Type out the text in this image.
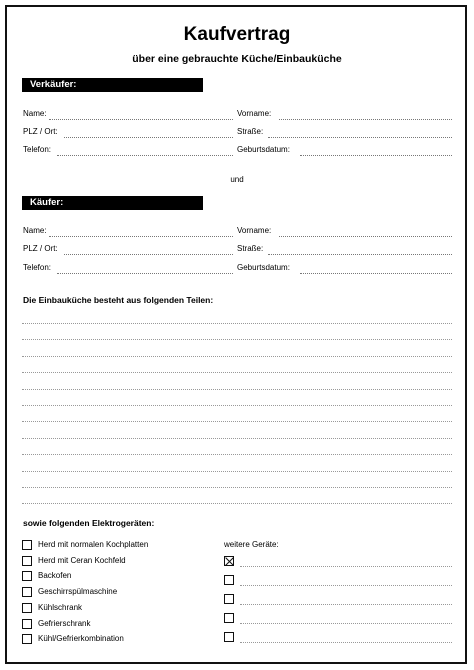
Kaufvertrag
über eine gebrauchte Küche/Einbauküche
Verkäufer:
Name:	Vorname:
PLZ / Ort:	Straße:
Telefon:	Geburtsdatum:
und
Käufer:
Name:	Vorname:
PLZ / Ort:	Straße:
Telefon:	Geburtsdatum:
Die Einbauküche besteht aus folgenden Teilen:
sowie folgenden Elektrogeräten:
Herd mit normalen Kochplatten
Herd mit Ceran Kochfeld
Backofen
Geschirrspülmaschine
Kühlschrank
Gefrierschrank
Kühl/Gefrierkombination
weitere Geräte:
